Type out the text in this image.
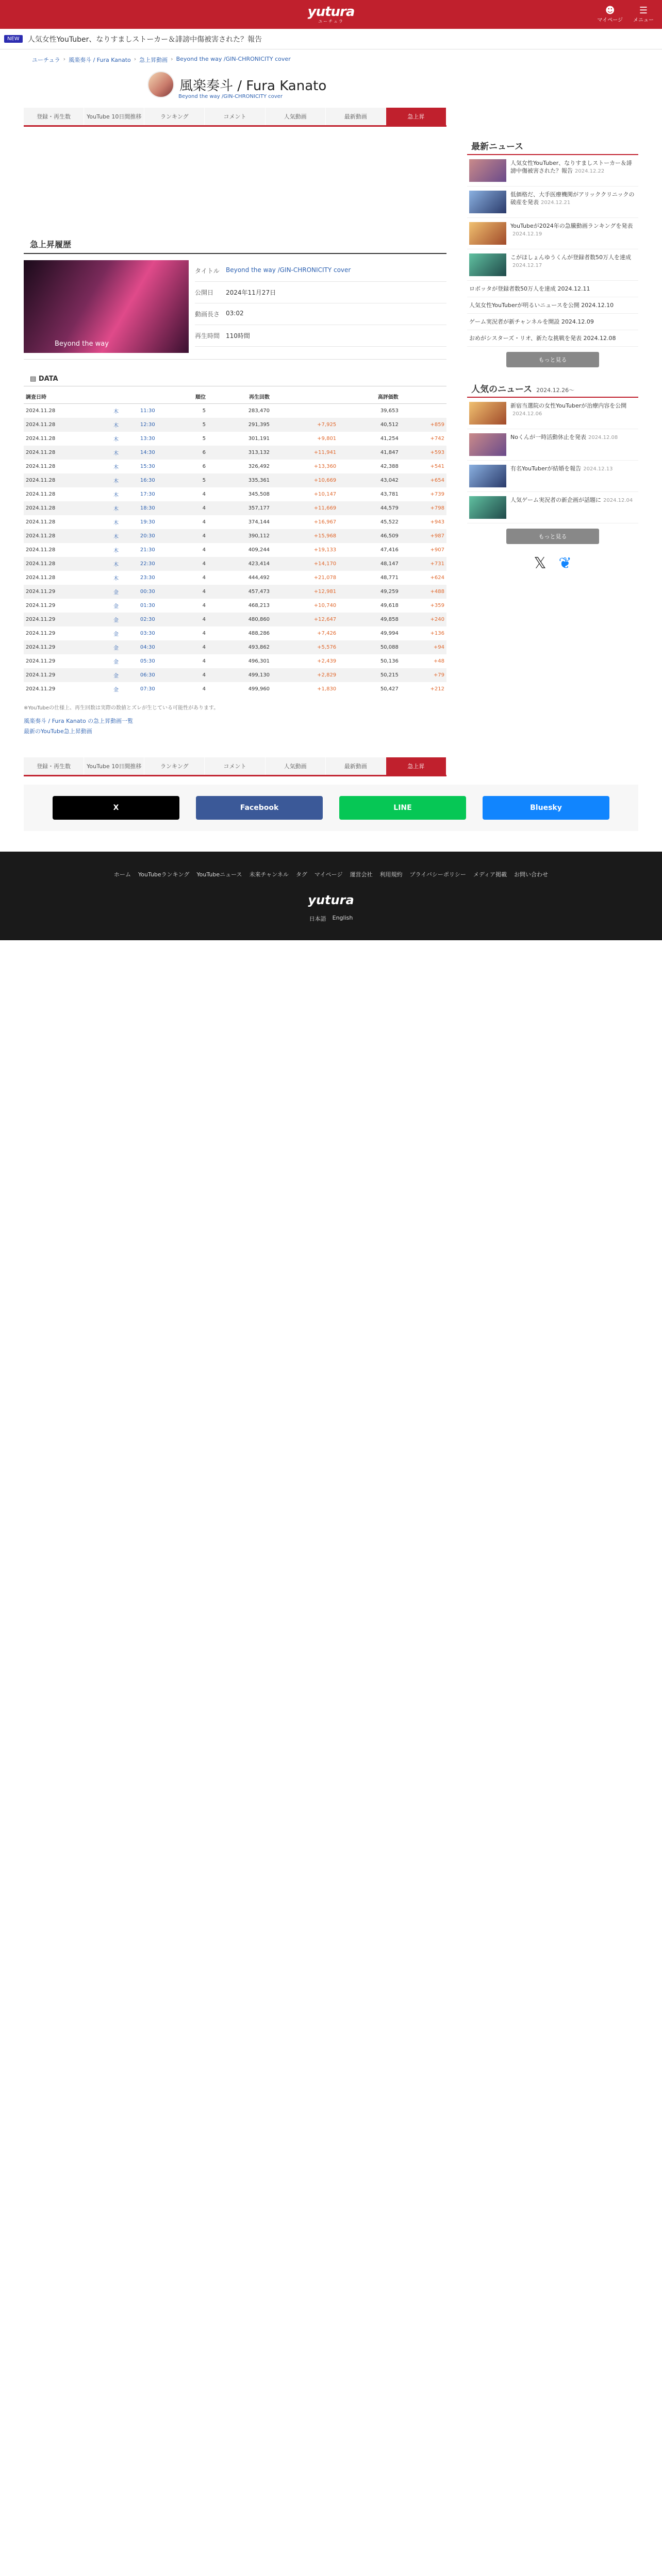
yutura
ユーチュラ
☻
マイページ
☰
メニュー
NEW	人気女性YouTuber、なりすましストーカー＆誹謗中傷被害された？報告
ユーチュラ › 風楽奏斗 / Fura Kanato › 急上昇動画 › Beyond the way /GIN-CHRONICITY cover
風楽奏斗 / Fura Kanato
Beyond the way /GIN-CHRONICITY cover
登録・再生数	YouTube 10日間推移	ランキング	コメント	人気動画	最新動画	急上昇
急上昇履歴
Beyond the way
タイトル	Beyond the way /GIN-CHRONICITY cover
公開日	2024年11月27日
動画長さ 03:02
再生時間 110時間
▤ DATA
調査日時			順位	再生回数		高評価数	
2024.11.28	木	11:30	5	283,470		39,653	
2024.11.28	木	12:30	5	291,395	+7,925	40,512	+859
2024.11.28	木	13:30	5	301,191	+9,801	41,254	+742
2024.11.28	木	14:30	6	313,132	+11,941	41,847	+593
2024.11.28	木	15:30	6	326,492	+13,360	42,388	+541
2024.11.28	木	16:30	5	335,361	+10,669	43,042	+654
2024.11.28	木	17:30	4	345,508	+10,147	43,781	+739
2024.11.28	木	18:30	4	357,177	+11,669	44,579	+798
2024.11.28	木	19:30	4	374,144	+16,967	45,522	+943
2024.11.28	木	20:30	4	390,112	+15,968	46,509	+987
2024.11.28	木	21:30	4	409,244	+19,133	47,416	+907
2024.11.28	木	22:30	4	423,414	+14,170	48,147	+731
2024.11.28	木	23:30	4	444,492	+21,078	48,771	+624
2024.11.29	金	00:30	4	457,473	+12,981	49,259	+488
2024.11.29	金	01:30	4	468,213	+10,740	49,618	+359
2024.11.29	金	02:30	4	480,860	+12,647	49,858	+240
2024.11.29	金	03:30	4	488,286	+7,426	49,994	+136
2024.11.29	金	04:30	4	493,862	+5,576	50,088	+94
2024.11.29	金	05:30	4	496,301	+2,439	50,136	+48
2024.11.29	金	06:30	4	499,130	+2,829	50,215	+79
2024.11.29	金	07:30	4	499,960	+1,830	50,427	+212
※YouTubeの仕様上、再生回数は実際の数値とズレが生じている可能性があります。
風楽奏斗 / Fura Kanato の急上昇動画一覧
最新のYouTube急上昇動画
最新ニュース
人気女性YouTuber、なりすましストーカー＆誹謗中傷被害された？報告 2024.12.22
低価格だ、大手医療機関がアリッククリニックの破産を発表 2024.12.21
YouTubeが2024年の急騰動画ランキングを発表2024.12.19
こがほしょんゆうくんが登録者数50万人を達成2024.12.17
ロボッタが登録者数50万人を達成 2024.12.11
人気女性YouTuberが明るいニュースを公開 2024.12.10
ゲーム実況者が新チャンネルを開設 2024.12.09
おめがシスターズ・リオ、新たな挑戦を発表 2024.12.08
もっと見る
人気のニュース 2024.12.26〜
新宿当選院の女性YouTuberが治療内容を公開2024.12.06
Noくんが一時活動休止を発表 2024.12.08
有名YouTuberが結婚を報告 2024.12.13
人気ゲーム実況者の新企画が話題に 2024.12.04
もっと見る
𝕏 ❦
登録・再生数	YouTube 10日間推移	ランキング	コメント	人気動画	最新動画	急上昇
X	Facebook	LINE	Bluesky
ホーム YouTubeランキング YouTubeニュース 未来チャンネル タグ マイページ 運営会社 利用規約 プライバシーポリシー メディア掲載 お問い合わせ
yutura
日本語 English
